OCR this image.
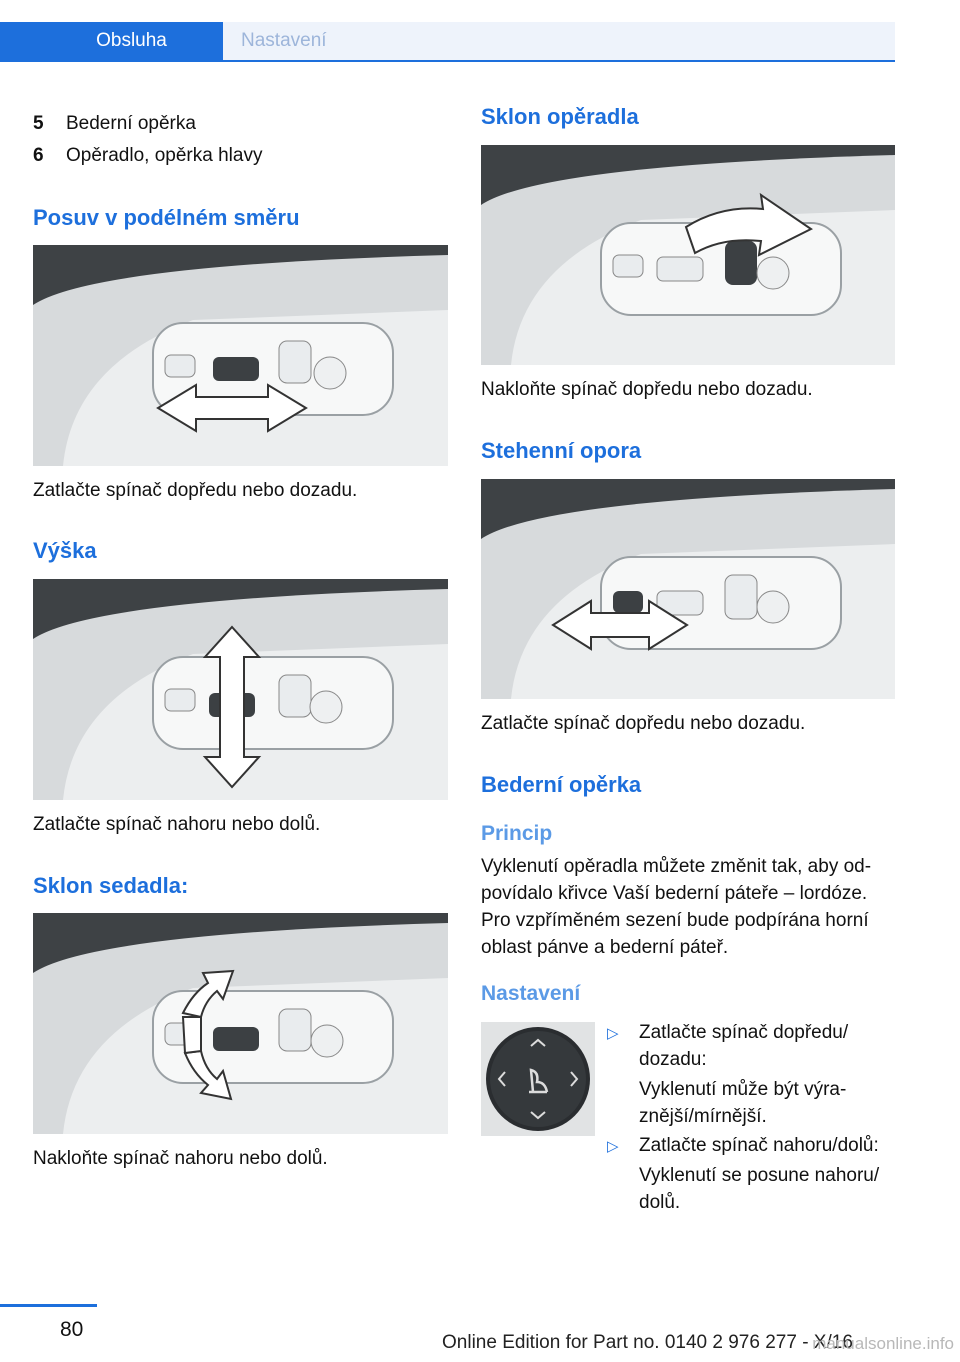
Obsluha	Nastavení
5	Bederní opěrka
6	Opěradlo, opěrka hlavy
Posuv v podélném směru
Zatlačte spínač dopředu nebo dozadu.
Výška
Zatlačte spínač nahoru nebo dolů.
Sklon sedadla:
Nakloňte spínač nahoru nebo dolů.
Sklon opěradla
Nakloňte spínač dopředu nebo dozadu.
Stehenní opora
Zatlačte spínač dopředu nebo dozadu.
Bederní opěrka
Princip
Vyklenutí opěradla můžete změnit tak, aby od‐
povídalo křivce Vaší bederní páteře – lordóze.
Pro vzpříměném sezení bude podpírána horní
oblast pánve a bederní páteř.
Nastavení
▷	Zatlačte spínač dopředu/
dozadu:
Vyklenutí může být výra‐
znější/mírnější.
▷	Zatlačte spínač nahoru/dolů:
Vyklenutí se posune nahoru/
dolů.
80
Online Edition for Part no. 0140 2 976 277 - X/16
manualsonline.info
